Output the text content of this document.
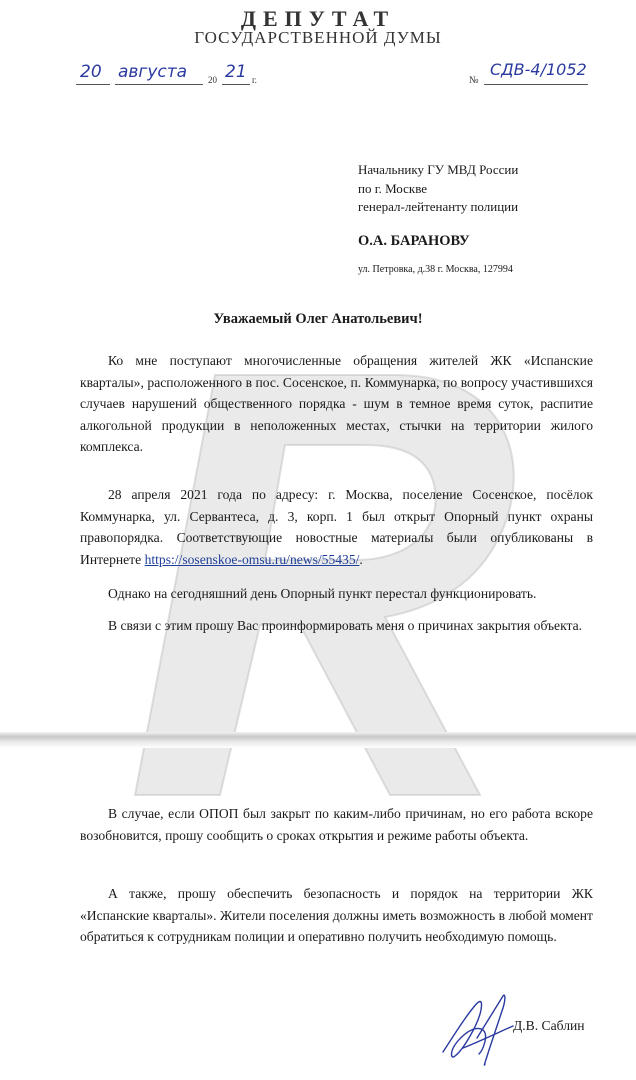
ДЕПУТАТ
ГОСУДАРСТВЕННОЙ ДУМЫ
20 августа 20 21 г.	№
СДВ-4/1052
Начальнику ГУ МВД России
по г. Москве
генерал-лейтенанту полиции
О.А. БАРАНОВУ
ул. Петровка, д.38 г. Москва, 127994
Уважаемый Олег Анатольевич!
Ко мне поступают многочисленные обращения жителей ЖК «Испанские кварталы», расположенного в пос. Сосенское, п. Коммунарка, по вопросу участившихся случаев нарушений общественного порядка - шум в темное время суток, распитие алкогольной продукции в неположенных местах, стычки на территории жилого комплекса.
28 апреля 2021 года по адресу: г. Москва, поселение Сосенское, посёлок Коммунарка, ул. Сервантеса, д. 3, корп. 1 был открыт Опорный пункт охраны правопорядка. Соответствующие новостные материалы были опубликованы в Интернете https://sosenskoe-omsu.ru/news/55435/.
Однако на сегодняшний день Опорный пункт перестал функционировать.
В связи с этим прошу Вас проинформировать меня о причинах закрытия объекта.
В случае, если ОПОП был закрыт по каким-либо причинам, но его работа вскоре возобновится, прошу сообщить о сроках открытия и режиме работы объекта.
А также, прошу обеспечить безопасность и порядок на территории ЖК «Испанские кварталы». Жители поселения должны иметь возможность в любой момент обратиться к сотрудникам полиции и оперативно получить необходимую помощь.
Д.В. Саблин
